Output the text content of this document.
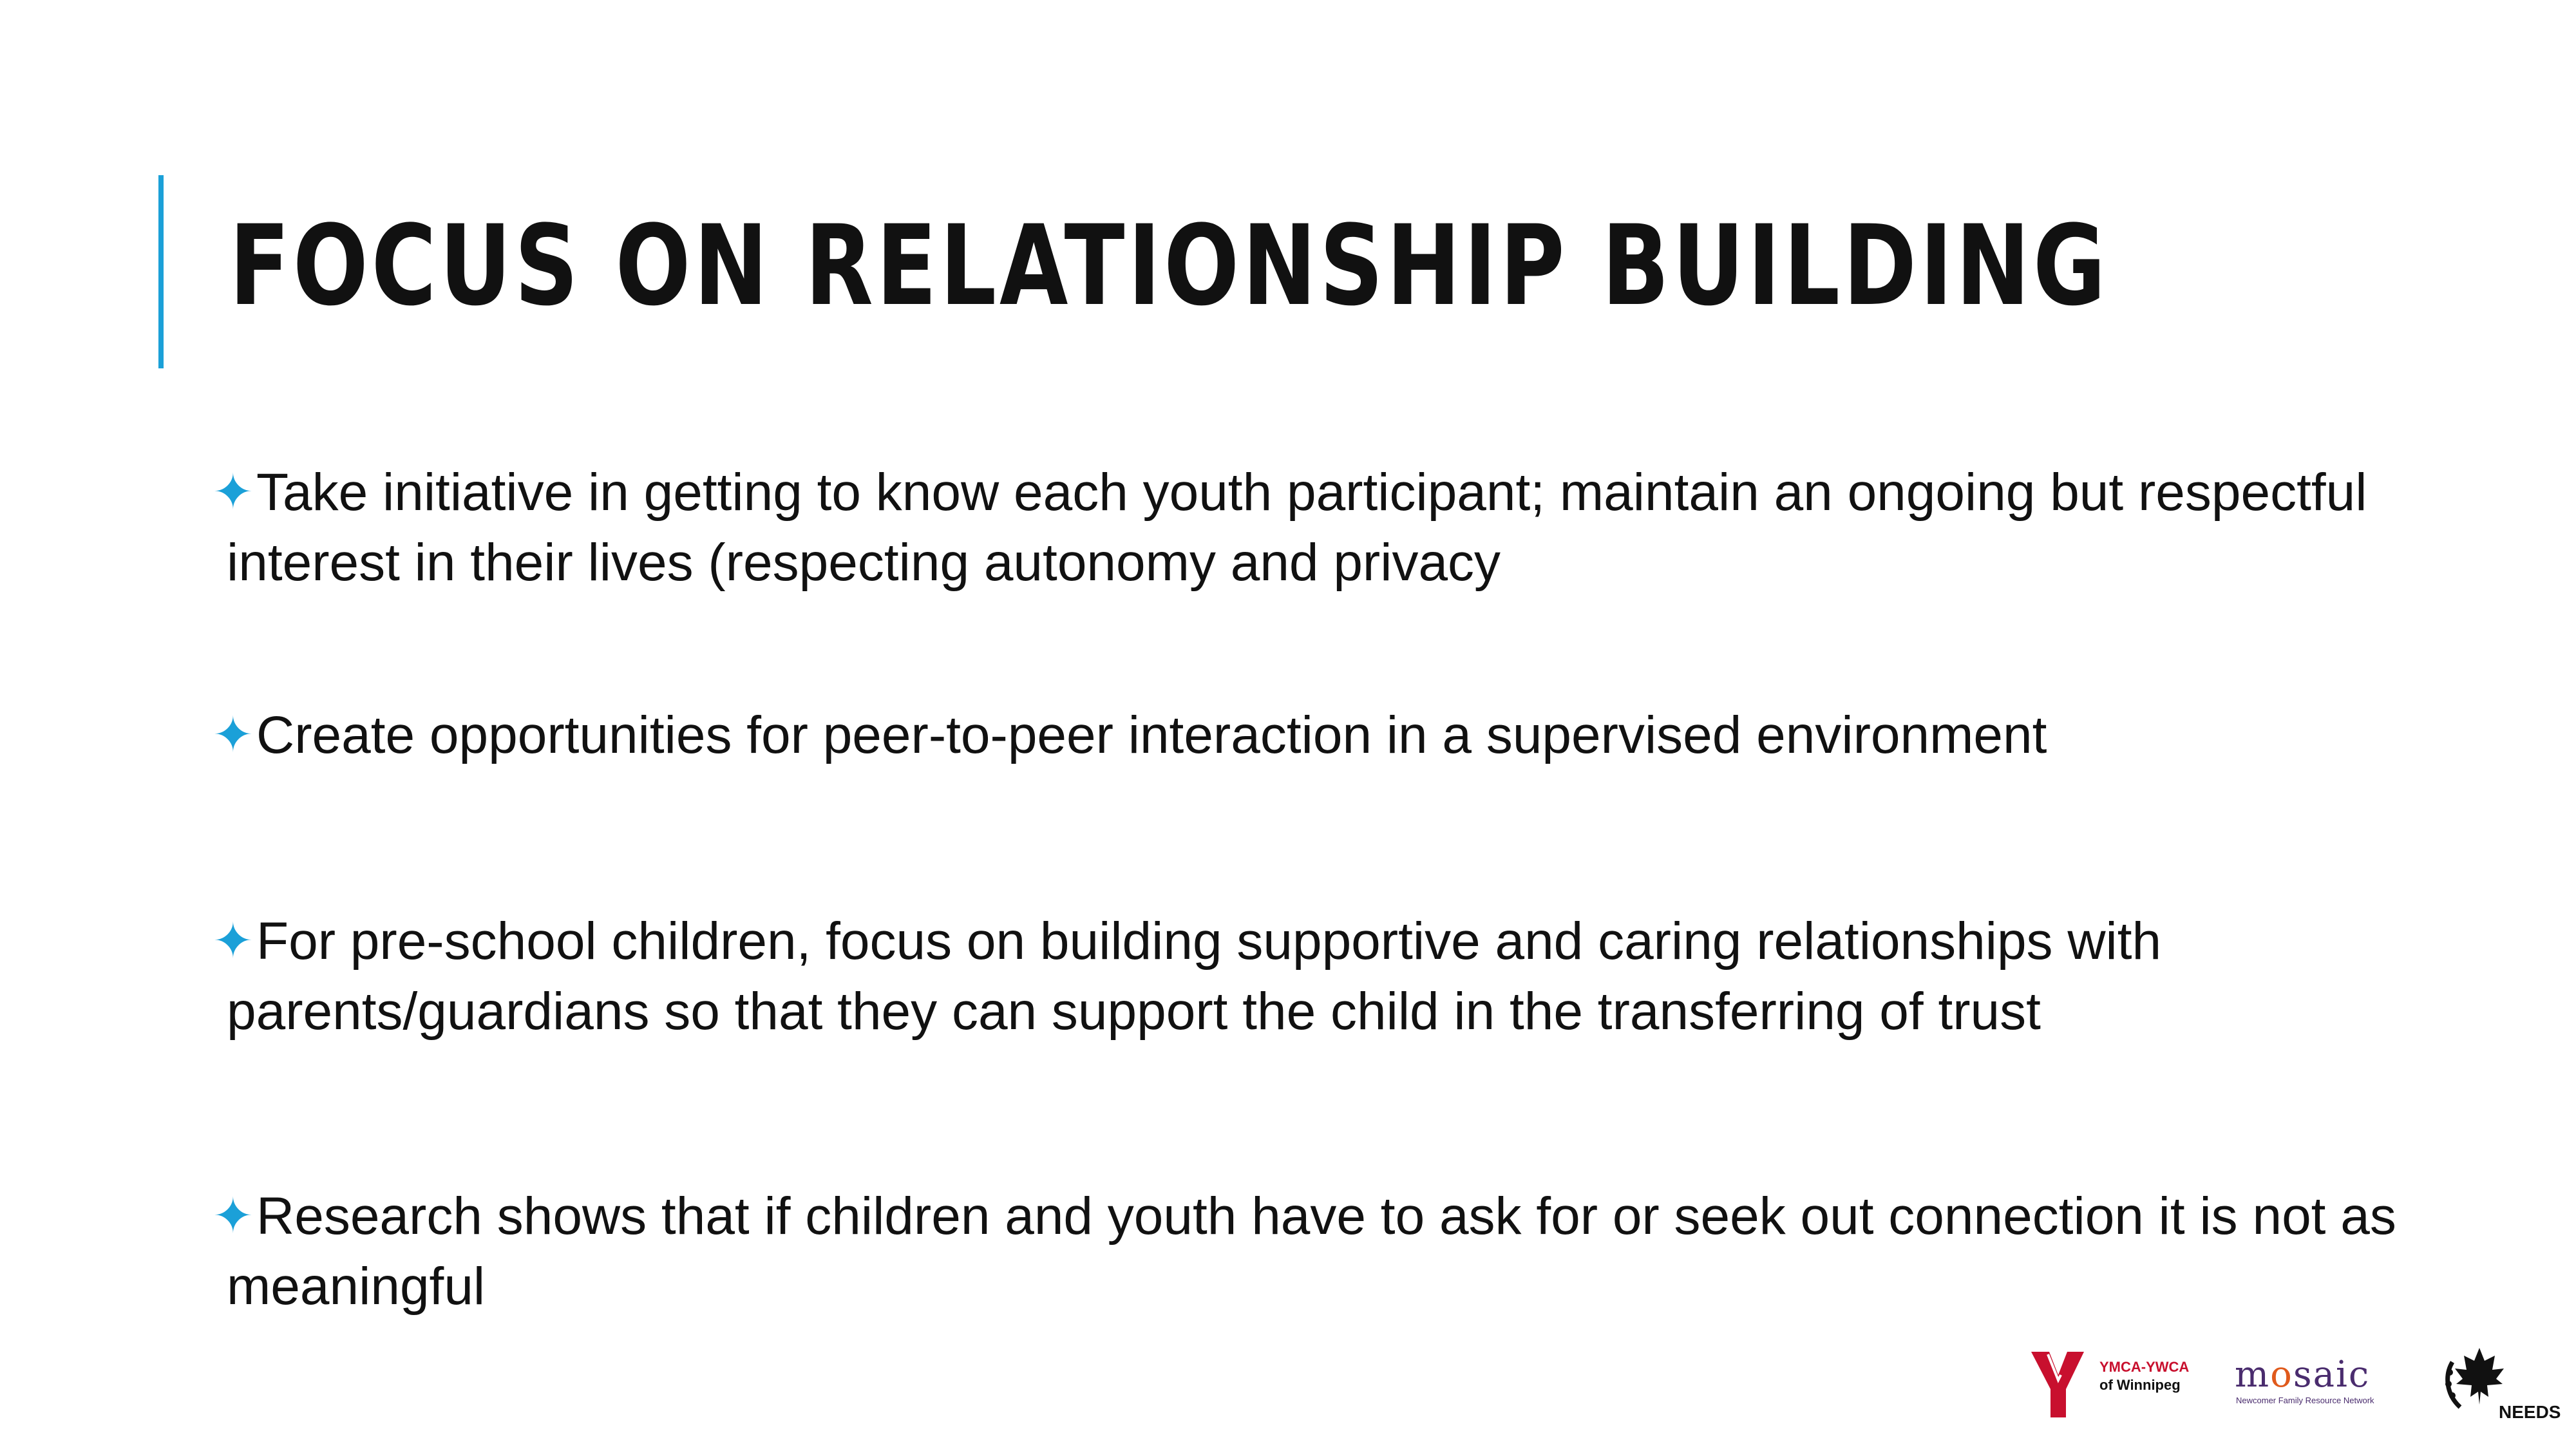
FOCUS ON RELATIONSHIP BUILDING
✦ Take initiative in getting to know each youth participant; maintain an ongoing but respectful interest in their lives (respecting autonomy and privacy
✦ Create opportunities for peer-to-peer interaction in a supervised environment
✦ For pre-school children, focus on building supportive and caring relationships with parents/guardians so that they can support the child in the transferring of trust
✦ Research shows that if children and youth have to ask for or seek out connection it is not as meaningful
YMCA-YWCA
of Winnipeg mosaic
Newcomer Family Resource Network
NEEDS
